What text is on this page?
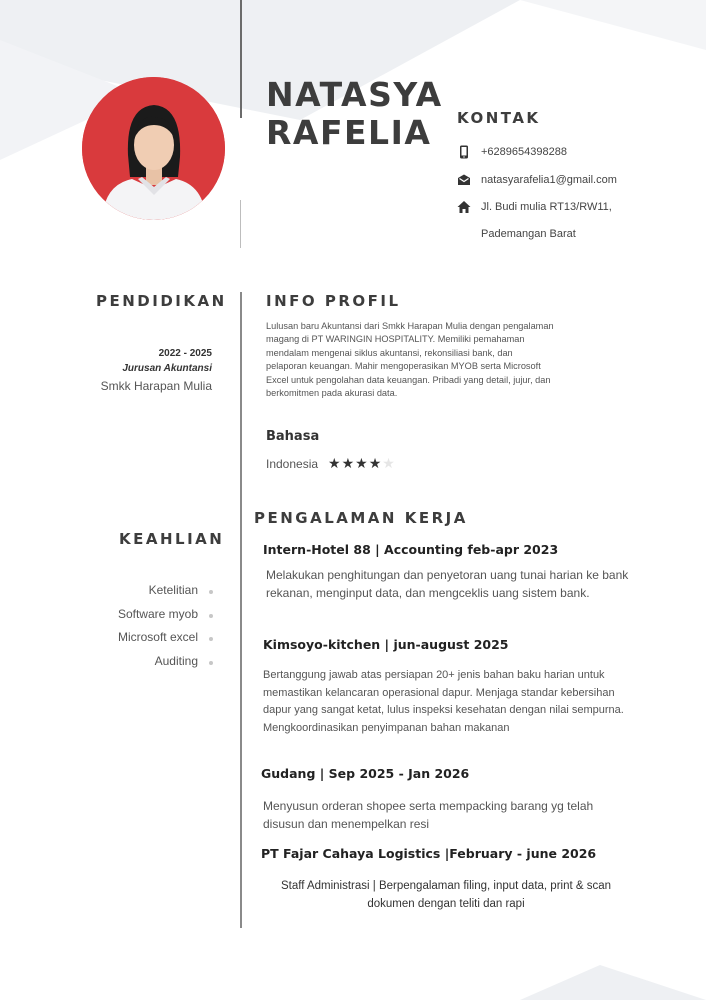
NATASYA
RAFELIA	KONTAK
+6289654398288
natasyarafelia1@gmail.com
Jl. Budi mulia RT13/RW11,
Pademangan Barat
PENDIDIKAN
2022 - 2025
Jurusan Akuntansi
Smkk Harapan Mulia
INFO PROFIL
Lulusan baru Akuntansi dari Smkk Harapan Mulia dengan pengalaman magang di PT WARINGIN HOSPITALITY. Memiliki pemahaman mendalam mengenai siklus akuntansi, rekonsiliasi bank, dan pelaporan keuangan. Mahir mengoperasikan MYOB serta Microsoft Excel untuk pengolahan data keuangan. Pribadi yang detail, jujur, dan berkomitmen pada akurasi data.
Bahasa
Indonesia ★★★★★
KEAHLIAN
Ketelitian
Software myob
Microsoft excel
Auditing
PENGALAMAN KERJA
Intern-Hotel 88 | Accounting feb-apr 2023
Melakukan penghitungan dan penyetoran uang tunai harian ke bank rekanan, menginput data, dan mengceklis uang sistem bank.
Kimsoyo-kitchen | jun-august 2025
Bertanggung jawab atas persiapan 20+ jenis bahan baku harian untuk memastikan kelancaran operasional dapur. Menjaga standar kebersihan dapur yang sangat ketat, lulus inspeksi kesehatan dengan nilai sempurna. Mengkoordinasikan penyimpanan bahan makanan
Gudang | Sep 2025 - Jan 2026
Menyusun orderan shopee serta mempacking barang yg telah disusun dan menempelkan resi
PT Fajar Cahaya Logistics |February - june 2026
Staff Administrasi | Berpengalaman filing, input data, print & scan dokumen dengan teliti dan rapi
